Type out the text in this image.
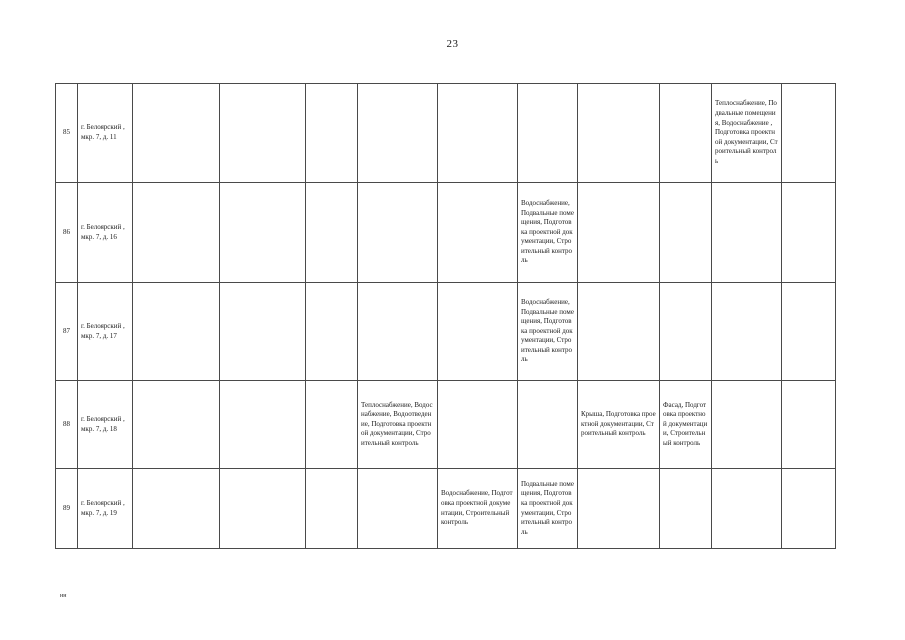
23
85	г. Белоярский ,мкр. 7, д. 11									Теплоснабжение, Подвальные помещения, Водоснабжение , Подготовка проектной документации, Строительный контроль	
86	г. Белоярский ,мкр. 7, д. 16						Водоснабжение, Подвальные помещения, Подготовка проектной документации, Строительный контроль				
87	г. Белоярский ,мкр. 7, д. 17						Водоснабжение, Подвальные помещения, Подготовка проектной документации, Строительный контроль				
88	г. Белоярский ,мкр. 7, д. 18				Теплоснабжение, Водоснабжение, Водоотведение, Подготовка проектной документации, Строительный контроль			Крыша, Подготовка проектной документации, Строительный контроль	Фасад, Подготовка проектной документации, Строительный контроль		
89	г. Белоярский ,мкр. 7, д. 19					Водоснабжение, Подготовка проектной документации, Строительный контроль	Подвальные помещения, Подготовка проектной документации, Строительный контроль				
нн
